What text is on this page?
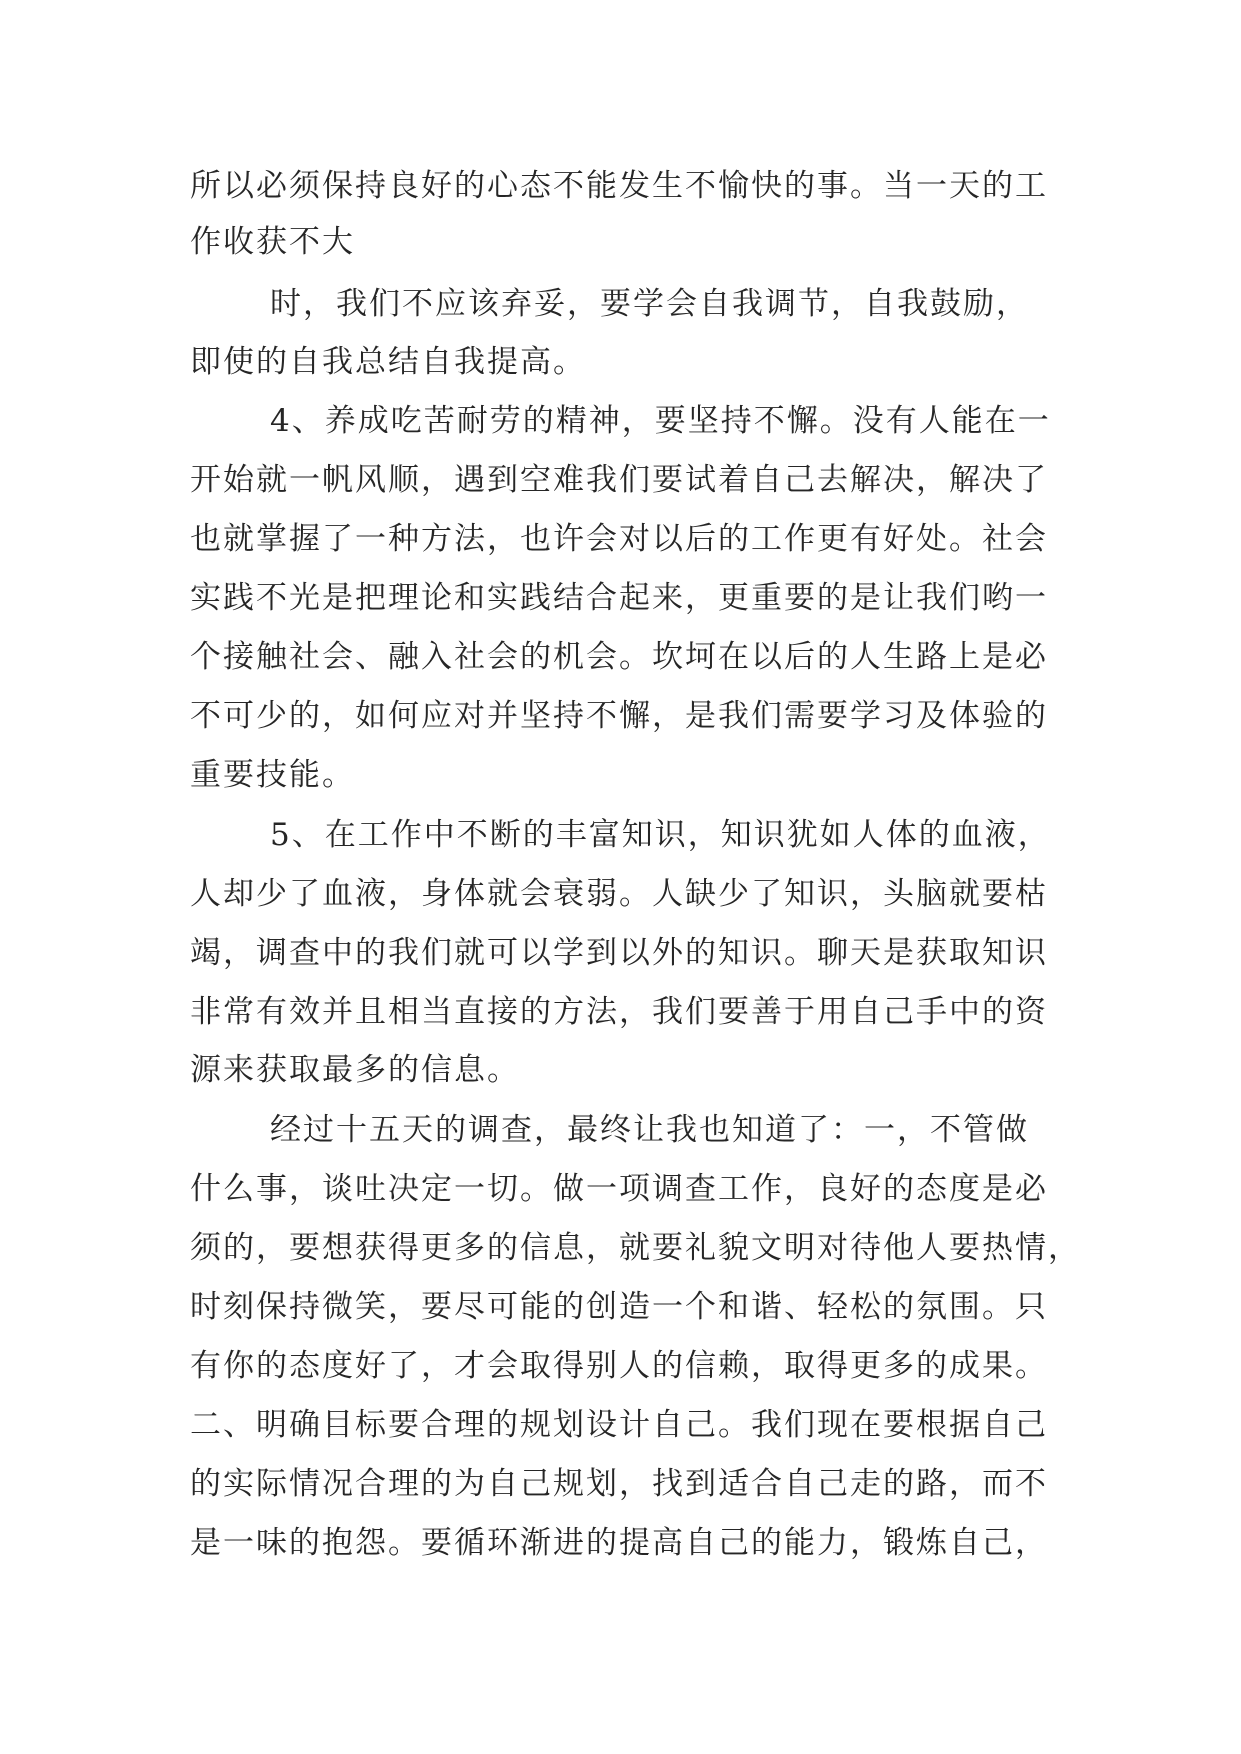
所以必须保持良好的心态不能发生不愉快的事。当一天的工
作收获不大
时，我们不应该弃妥，要学会自我调节，自我鼓励，
即使的自我总结自我提高。
4、养成吃苦耐劳的精神，要坚持不懈。没有人能在一
开始就一帆风顺，遇到空难我们要试着自己去解决，解决了
也就掌握了一种方法，也许会对以后的工作更有好处。社会
实践不光是把理论和实践结合起来，更重要的是让我们哟一
个接触社会、融入社会的机会。坎坷在以后的人生路上是必
不可少的，如何应对并坚持不懈，是我们需要学习及体验的
重要技能。
5、在工作中不断的丰富知识，知识犹如人体的血液，
人却少了血液，身体就会衰弱。人缺少了知识，头脑就要枯
竭，调查中的我们就可以学到以外的知识。聊天是获取知识
非常有效并且相当直接的方法，我们要善于用自己手中的资
源来获取最多的信息。
经过十五天的调查，最终让我也知道了：一，不管做
什么事，谈吐决定一切。做一项调查工作，良好的态度是必
须的，要想获得更多的信息，就要礼貌文明对待他人要热情，
时刻保持微笑，要尽可能的创造一个和谐、轻松的氛围。只
有你的态度好了，才会取得别人的信赖，取得更多的成果。
二、明确目标要合理的规划设计自己。我们现在要根据自己
的实际情况合理的为自己规划，找到适合自己走的路，而不
是一味的抱怨。要循环渐进的提高自己的能力，锻炼自己，
